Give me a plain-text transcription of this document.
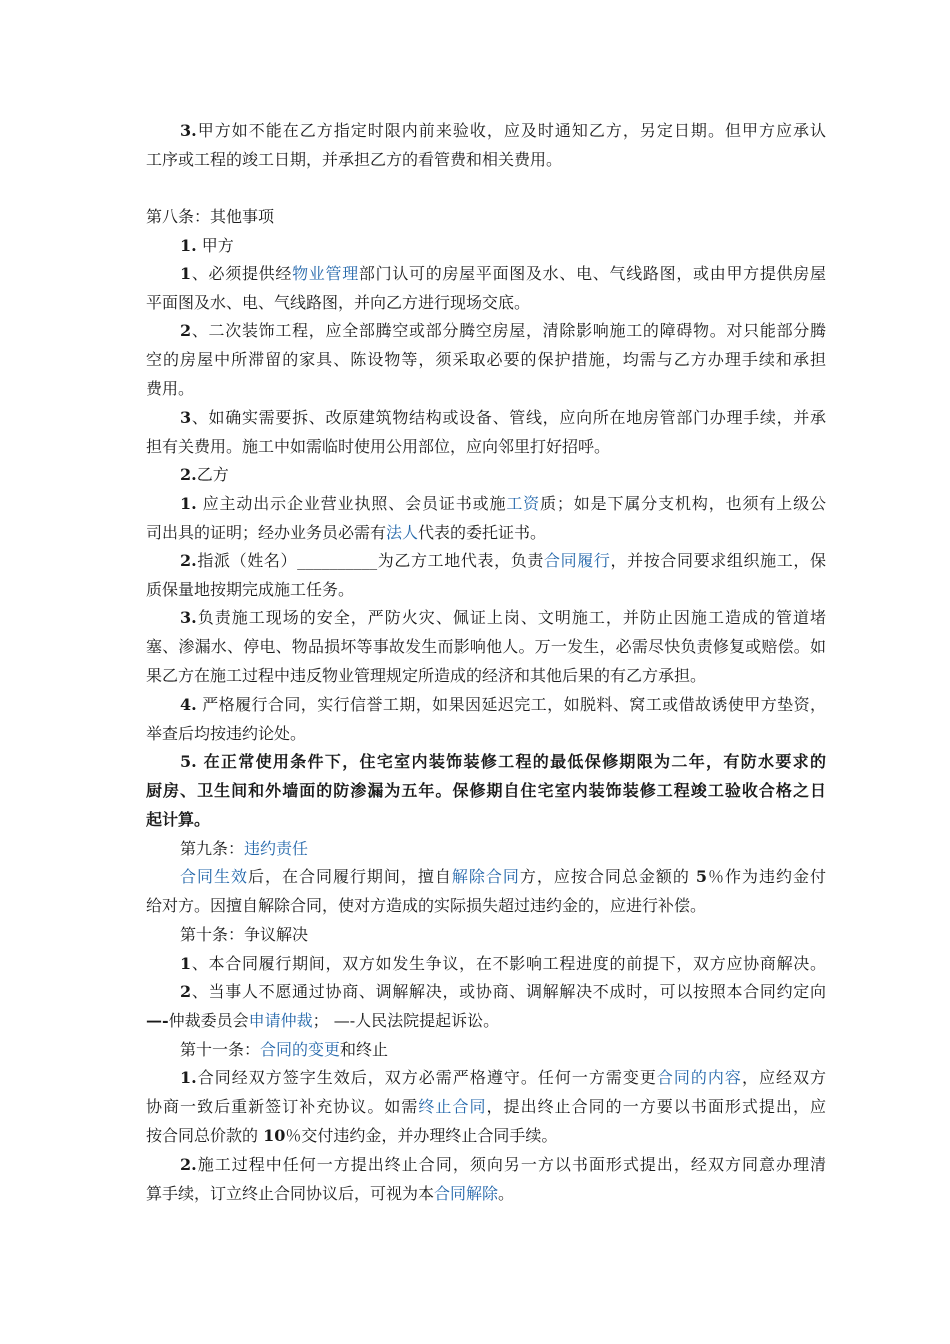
3.甲方如不能在乙方指定时限内前来验收，应及时通知乙方，另定日期。但甲方应承认
工序或工程的竣工日期，并承担乙方的看管费和相关费用。
第八条：其他事项
1. 甲方
1、必须提供经物业管理部门认可的房屋平面图及水、电、气线路图，或由甲方提供房屋
平面图及水、电、气线路图，并向乙方进行现场交底。
2、二次装饰工程，应全部腾空或部分腾空房屋，清除影响施工的障碍物。对只能部分腾
空的房屋中所滞留的家具、陈设物等，须采取必要的保护措施，均需与乙方办理手续和承担
费用。
3、如确实需要拆、改原建筑物结构或设备、管线，应向所在地房管部门办理手续，并承
担有关费用。施工中如需临时使用公用部位，应向邻里打好招呼。
2.乙方
1. 应主动出示企业营业执照、会员证书或施工资质；如是下属分支机构，也须有上级公
司出具的证明；经办业务员必需有法人代表的委托证书。
2.指派（姓名）__________为乙方工地代表，负责合同履行，并按合同要求组织施工，保
质保量地按期完成施工任务。
3.负责施工现场的安全，严防火灾、佩证上岗、文明施工，并防止因施工造成的管道堵
塞、渗漏水、停电、物品损坏等事故发生而影响他人。万一发生，必需尽快负责修复或赔偿。如
果乙方在施工过程中违反物业管理规定所造成的经济和其他后果的有乙方承担。
4. 严格履行合同，实行信誉工期，如果因延迟完工，如脱料、窝工或借故诱使甲方垫资，
举查后均按违约论处。
5. 在正常使用条件下，住宅室内装饰装修工程的最低保修期限为二年，有防水要求的
厨房、卫生间和外墙面的防渗漏为五年。保修期自住宅室内装饰装修工程竣工验收合格之日
起计算。
第九条：违约责任
合同生效后，在合同履行期间，擅自解除合同方，应按合同总金额的 5％作为违约金付
给对方。因擅自解除合同，使对方造成的实际损失超过违约金的，应进行补偿。
第十条：争议解决
1、本合同履行期间，双方如发生争议，在不影响工程进度的前提下，双方应协商解决。
2、当事人不愿通过协商、调解解决，或协商、调解解决不成时，可以按照本合同约定向
—-仲裁委员会申请仲裁； —-人民法院提起诉讼。
第十一条：合同的变更和终止
1.合同经双方签字生效后，双方必需严格遵守。任何一方需变更合同的内容，应经双方
协商一致后重新签订补充协议。如需终止合同，提出终止合同的一方要以书面形式提出，应
按合同总价款的 10％交付违约金，并办理终止合同手续。
2.施工过程中任何一方提出终止合同，须向另一方以书面形式提出，经双方同意办理清
算手续，订立终止合同协议后，可视为本合同解除。
